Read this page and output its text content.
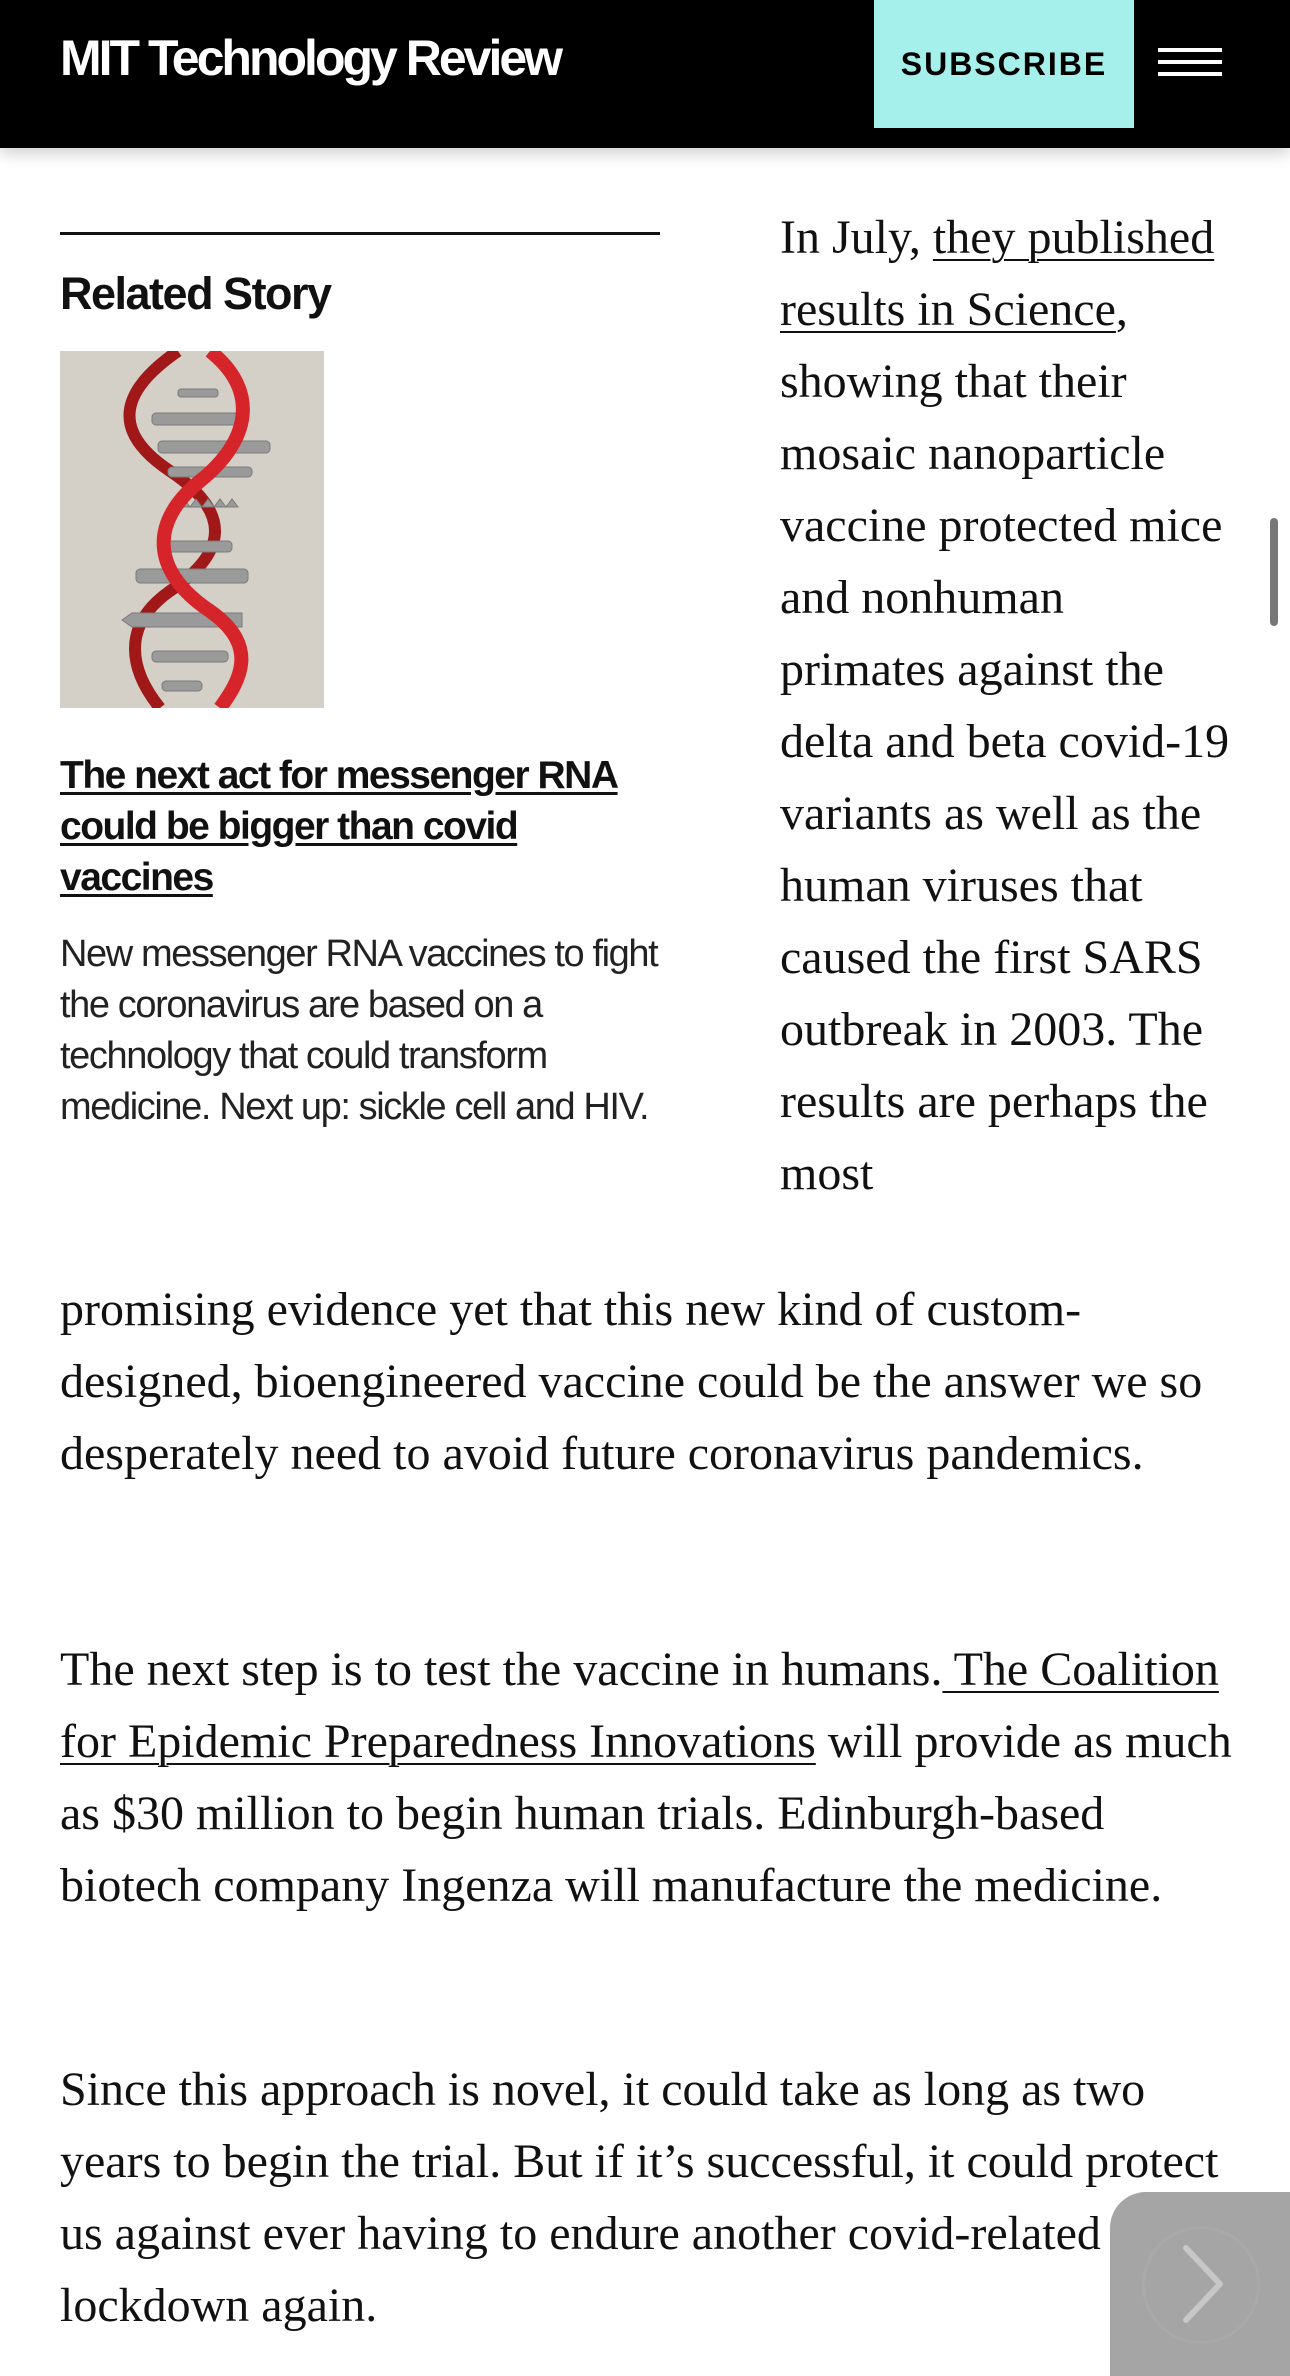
MIT Technology Review	SUBSCRIBE
Related Story
The next act for messenger RNA could be bigger than covid vaccines
New messenger RNA vaccines to fight the coronavirus are based on a technology that could transform medicine. Next up: sickle cell and HIV.
In July, they published results in Science, showing that their mosaic nanoparticle vaccine protected mice and nonhuman primates against the delta and beta covid-19 variants as well as the human viruses that caused the first SARS outbreak in 2003. The results are perhaps the most
promising evidence yet that this new kind of custom-designed, bioengineered vaccine could be the answer we so desperately need to avoid future coronavirus pandemics.
The next step is to test the vaccine in humans. The Coalition for Epidemic Preparedness Innovations will provide as much as $30 million to begin human trials. Edinburgh-based biotech company Ingenza will manufacture the medicine.
Since this approach is novel, it could take as long as two years to begin the trial. But if it’s successful, it could protect us against ever having to endure another covid-related lockdown again.
